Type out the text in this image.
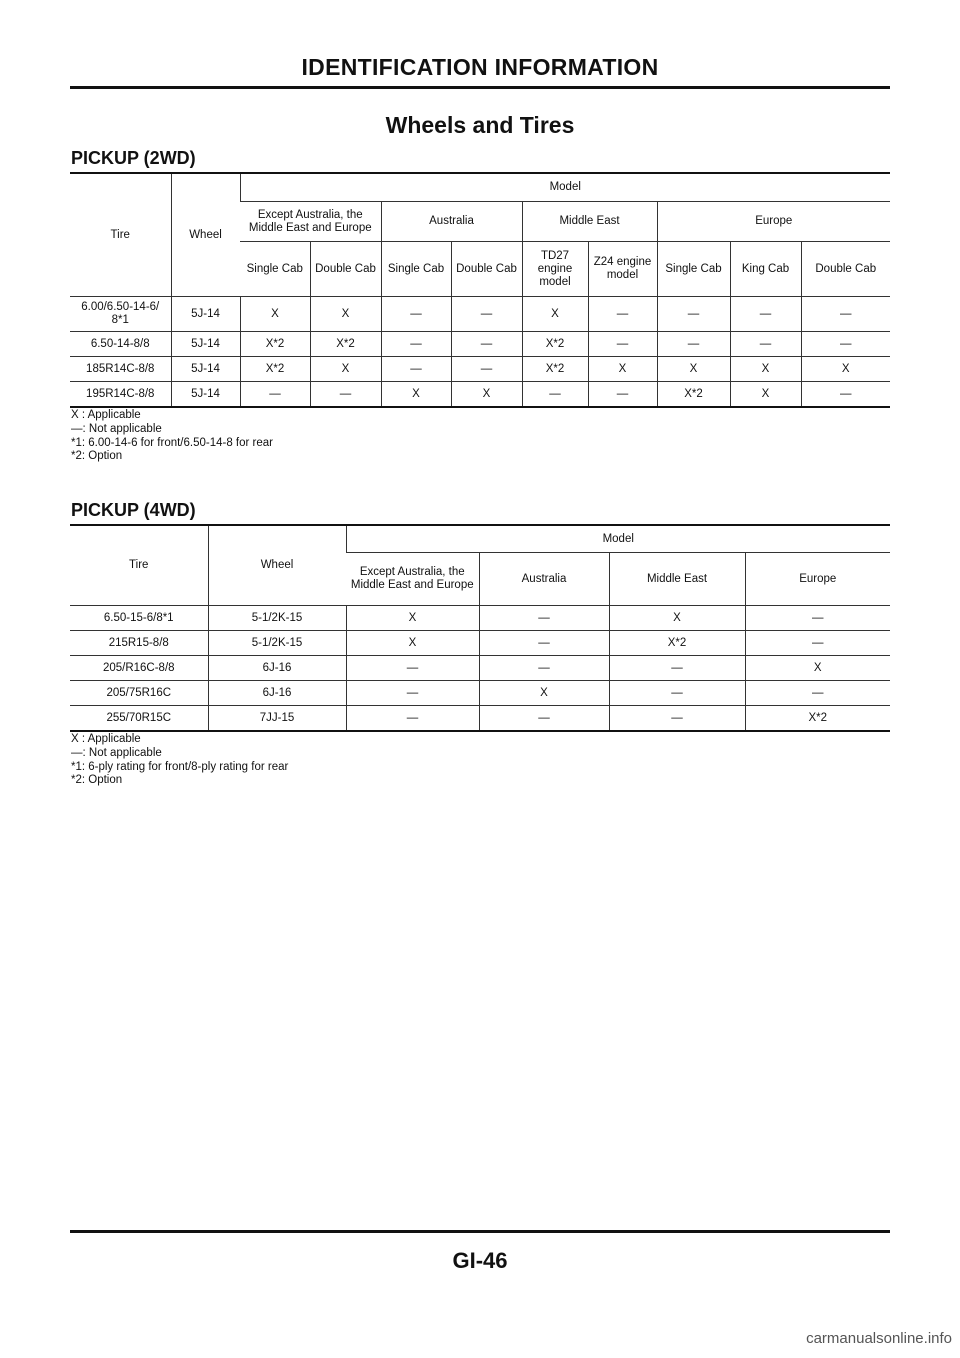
IDENTIFICATION INFORMATION
Wheels and Tires
PICKUP (2WD)
Tire	Wheel	Model								
		Except Australia, the Middle East and Europe		Australia		Middle East		Europe		
		Single Cab	Double Cab	Single Cab	Double Cab	TD27 engine model	Z24 engine model	Single Cab	King Cab	Double Cab
6.00/6.50-14-6/ 8*1	5J-14	X	X	—	—	X	—	—	—	—
6.50-14-8/8	5J-14	X*2	X*2	—	—	X*2	—	—	—	—
185R14C-8/8	5J-14	X*2	X	—	—	X*2	X	X	X	X
195R14C-8/8	5J-14	—	—	X	X	—	—	X*2	X	—
X : Applicable
—: Not applicable
*1: 6.00-14-6 for front/6.50-14-8 for rear
*2: Option
PICKUP (4WD)
Tire	Wheel	Model			
		Except Australia, the Middle East and Europe	Australia	Middle East	Europe
6.50-15-6/8*1	5-1/2K-15	X	—	X	—
215R15-8/8	5-1/2K-15	X	—	X*2	—
205/R16C-8/8	6J-16	—	—	—	X
205/75R16C	6J-16	—	X	—	—
255/70R15C	7JJ-15	—	—	—	X*2
X : Applicable
—: Not applicable
*1: 6-ply rating for front/8-ply rating for rear
*2: Option
GI-46
carmanualsonline.info
